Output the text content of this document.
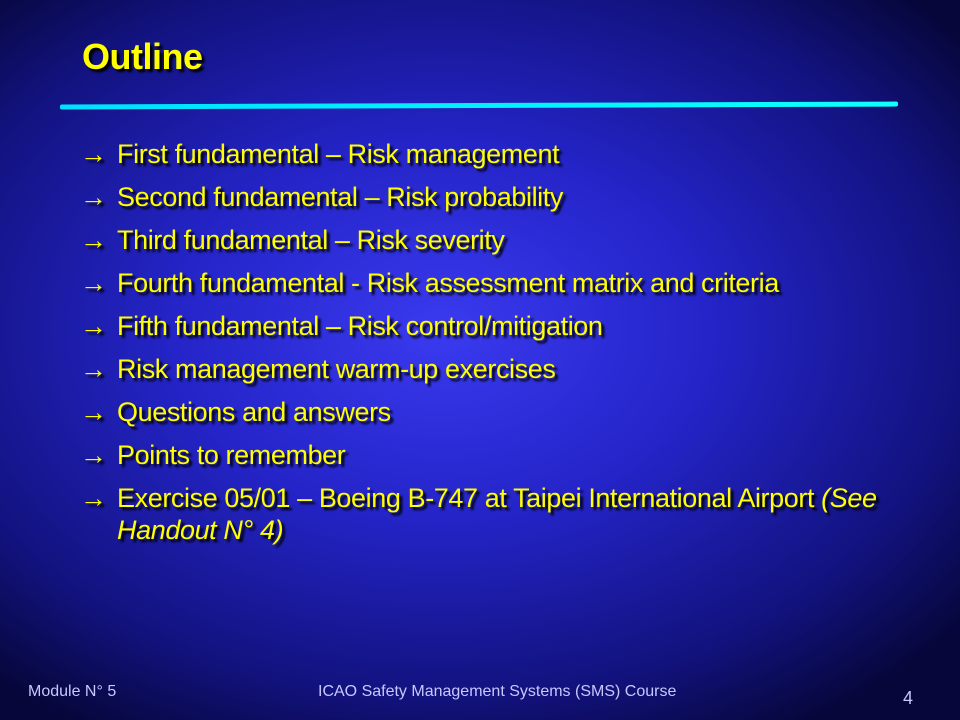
Outline
→ First fundamental – Risk management
→ Second fundamental – Risk probability
→ Third fundamental – Risk severity
→ Fourth fundamental - Risk assessment matrix and criteria
→ Fifth fundamental – Risk control/mitigation
→ Risk management warm-up exercises
→ Questions and answers
→ Points to remember
→ Exercise 05/01 – Boeing B-747 at Taipei International Airport (See Handout N° 4)
Module N° 5	ICAO Safety Management Systems (SMS) Course	4
